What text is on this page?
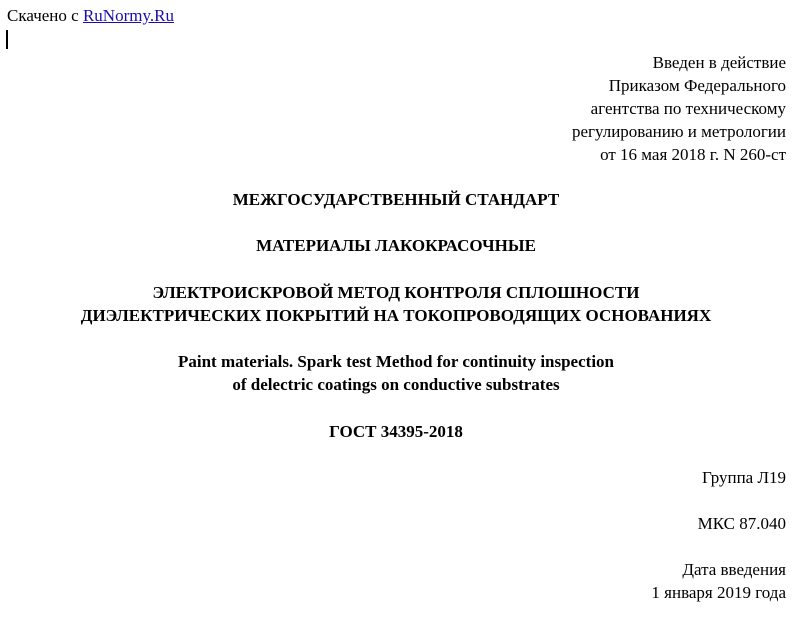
Скачено с RuNormy.Ru
Введен в действие
Приказом Федерального
агентства по техническому
регулированию и метрологии
от 16 мая 2018 г. N 260-ст
МЕЖГОСУДАРСТВЕННЫЙ СТАНДАРТ
МАТЕРИАЛЫ ЛАКОКРАСОЧНЫЕ
ЭЛЕКТРОИСКРОВОЙ МЕТОД КОНТРОЛЯ СПЛОШНОСТИ
ДИЭЛЕКТРИЧЕСКИХ ПОКРЫТИЙ НА ТОКОПРОВОДЯЩИХ ОСНОВАНИЯХ
Paint materials. Spark test Method for continuity inspection
of delectric coatings on conductive substrates
ГОСТ 34395-2018
Группа Л19
МКС 87.040
Дата введения
1 января 2019 года
